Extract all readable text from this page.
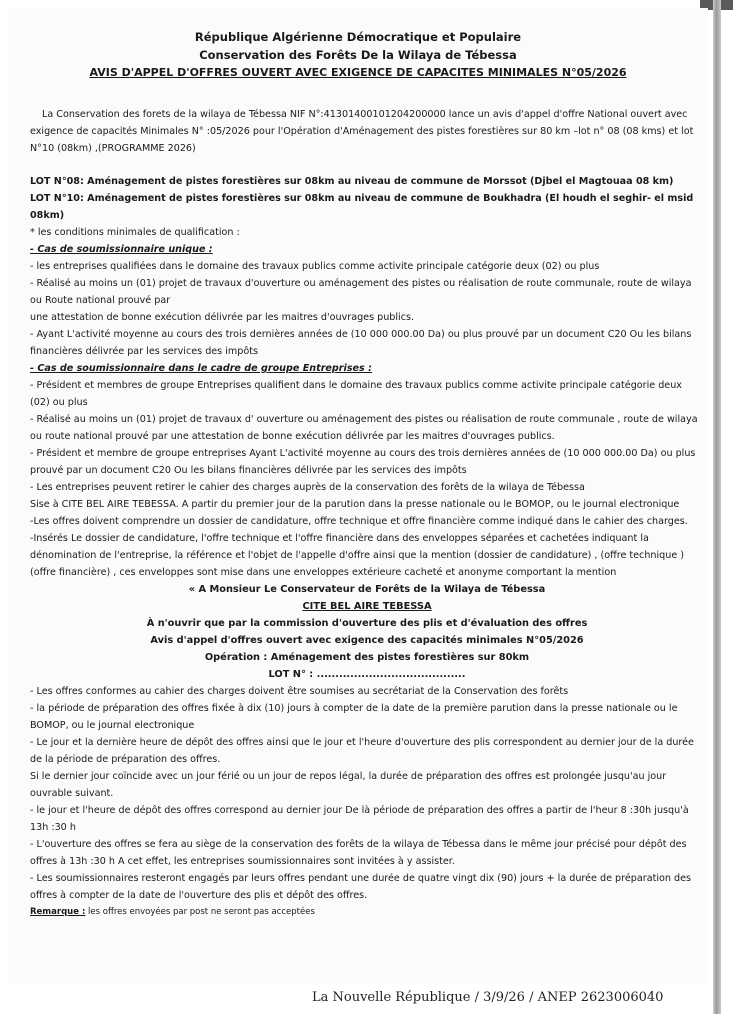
République Algérienne Démocratique et Populaire
Conservation des Forêts De la Wilaya de Tébessa
AVIS D'APPEL D'OFFRES OUVERT AVEC EXIGENCE DE CAPACITES MINIMALES N°05/2026

La Conservation des forets de la wilaya de Tébessa NIF N°:41301400101204200000 lance un avis d'appel d'offre National ouvert avec exigence de capacités Minimales N° :05/2026 pour l'Opération d'Aménagement des pistes forestières sur 80 km –lot n° 08 (08 kms) et lot N°10 (08km) ,(PROGRAMME 2026)

LOT N°08: Aménagement de pistes forestières sur 08km au niveau de commune de Morssot (Djbel el Magtouaa 08 km)

LOT N°10: Aménagement de pistes forestières sur 08km au niveau de commune de Boukhadra (El houdh el seghir- el msid 08km)

* les conditions minimales de qualification :

- Cas de soumissionnaire unique :

- les entreprises qualifiées dans le domaine des travaux publics comme activite principale catégorie deux (02) ou plus

- Réalisé au moins un (01) projet de travaux d'ouverture ou aménagement des pistes ou réalisation de route communale, route de wilaya ou Route national prouvé par

une attestation de bonne exécution délivrée par les maitres d'ouvrages publics.

- Ayant L'activité moyenne au cours des trois dernières années de (10 000 000.00 Da) ou plus prouvé par un document C20 Ou les bilans financières délivrée par les services des impôts

- Cas de soumissionnaire dans le cadre de groupe Entreprises :

- Président et membres de groupe Entreprises qualifient dans le domaine des travaux publics comme activite principale catégorie deux (02) ou plus

- Réalisé au moins un (01) projet de travaux d' ouverture ou aménagement des pistes ou réalisation de route communale , route de wilaya ou route national prouvé par une attestation de bonne exécution délivrée par les maitres d'ouvrages publics.

- Président et membre de groupe entreprises Ayant L'activité moyenne au cours des trois dernières années de (10 000 000.00 Da) ou plus prouvé par un document C20 Ou les bilans financières délivrée par les services des impôts

- Les entreprises peuvent retirer le cahier des charges auprès de la conservation des forêts de la wilaya de Tébessa

Sise à CITE BEL AIRE TEBESSA. A partir du premier jour de la parution dans la presse nationale ou le BOMOP, ou le journal electronique

-Les offres doivent comprendre un dossier de candidature, offre technique et offre financière comme indiqué dans le cahier des charges.

-Insérés Le dossier de candidature, l'offre technique et l'offre financière dans des enveloppes séparées et cachetées indiquant la dénomination de l'entreprise, la référence et l'objet de l'appelle d'offre ainsi que la mention (dossier de candidature) , (offre technique ) (offre financière) , ces enveloppes sont mise dans une enveloppes extérieure cacheté et anonyme comportant la mention

« A Monsieur Le Conservateur de Forêts de la Wilaya de Tébessa
CITE BEL AIRE TEBESSA
À n'ouvrir que par la commission d'ouverture des plis et d'évaluation des offres
Avis d'appel d'offres ouvert avec exigence des capacités minimales N°05/2026
Opération : Aménagement des pistes forestières sur 80km
LOT N° : ........................................

- Les offres conformes au cahier des charges doivent être soumises au secrétariat de la Conservation des forêts

- la période de préparation des offres fixée à dix (10) jours à compter de la date de la première parution dans la presse nationale ou le BOMOP, ou le journal electronique

- Le jour et la dernière heure de dépôt des offres ainsi que le jour et l'heure d'ouverture des plis correspondent au dernier jour de la durée de la période de préparation des offres.

Si le dernier jour coïncide avec un jour férié ou un jour de repos légal, la durée de préparation des offres est prolongée jusqu'au jour ouvrable suivant.

- le jour et l'heure de dépôt des offres correspond au dernier jour De là période de préparation des offres a partir de l'heur 8 :30h jusqu'à 13h :30 h

- L'ouverture des offres se fera au siège de la conservation des forêts de la wilaya de Tébessa dans le même jour précisé pour dépôt des offres à 13h :30 h A cet effet, les entreprises soumissionnaires sont invitées à y assister.

- Les soumissionnaires resteront engagés par leurs offres pendant une durée de quatre vingt dix (90) jours + la durée de préparation des offres à compter de la date de l'ouverture des plis et dépôt des offres.

Remarque : les offres envoyées par post ne seront pas acceptées

La Nouvelle République / 3/9/26 / ANEP 2623006040
